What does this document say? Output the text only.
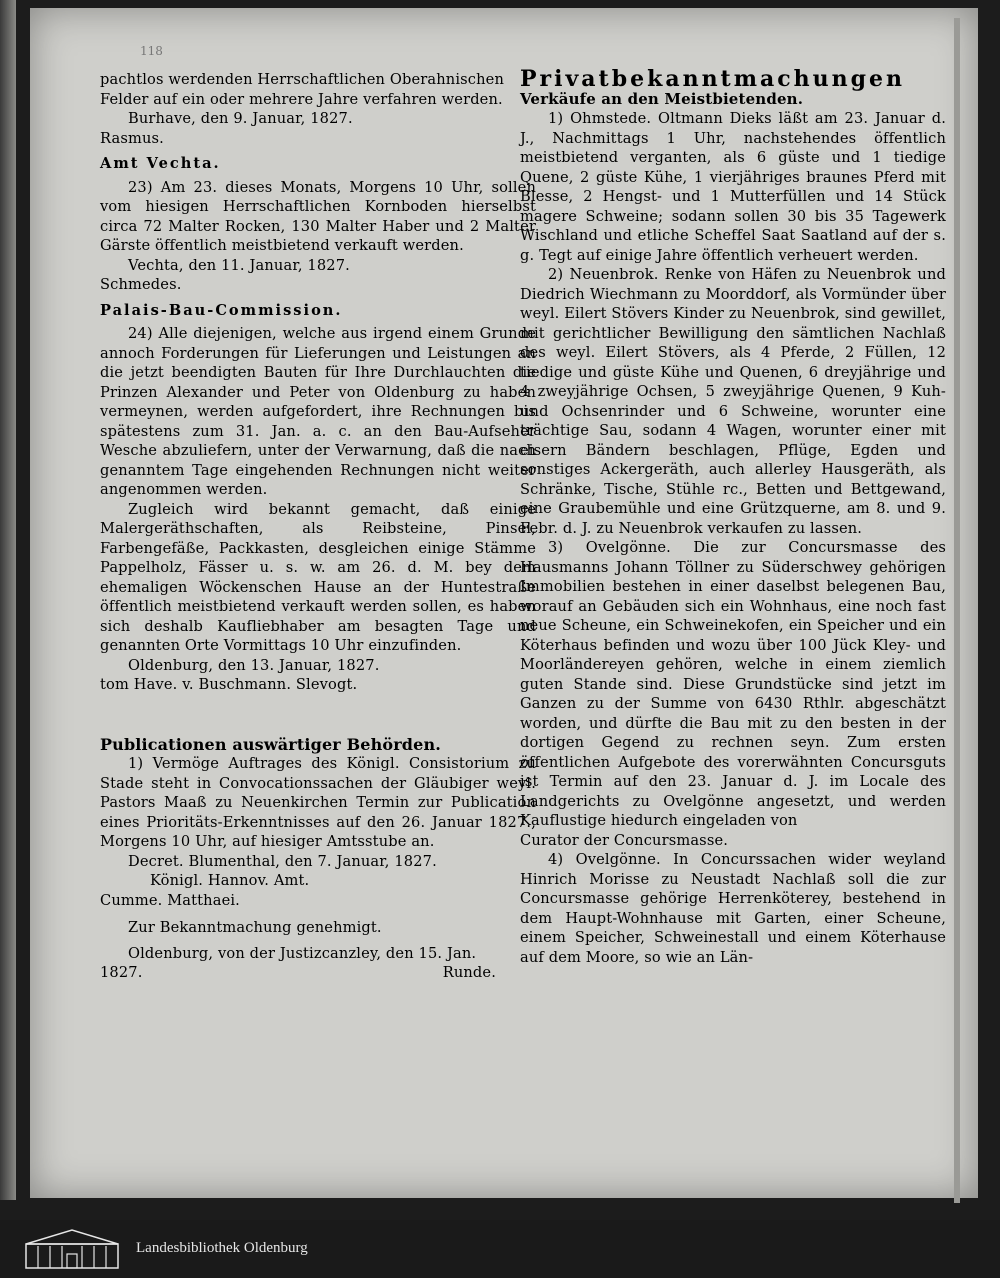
118

pachtlos werdenden Herrschaftlichen Oberahnischen

Felder auf ein oder mehrere Jahre verfahren werden.

Burhave, den 9. Januar, 1827.

Rasmus.

Amt Vechta.

23) Am 23. dieses Monats, Morgens 10 Uhr, sollen vom hiesigen Herrschaftlichen Kornboden hierselbst circa 72 Malter Rocken, 130 Malter Haber und 2 Malter Gärste öffentlich meistbietend verkauft werden.

Vechta, den 11. Januar, 1827.

Schmedes.

Palais-Bau-Commission.

24) Alle diejenigen, welche aus irgend einem Grunde annoch Forderungen für Lieferungen und Leistungen an die jetzt beendigten Bauten für Ihre Durchlauchten die Prinzen Alexander und Peter von Oldenburg zu haben vermeynen, werden aufgefordert, ihre Rechnungen bis spätestens zum 31. Jan. a. c. an den Bau-Aufseher Wesche abzuliefern, unter der Verwarnung, daß die nach genanntem Tage eingehenden Rechnungen nicht weiter angenommen werden.

Zugleich wird bekannt gemacht, daß einige Malergeräthschaften, als Reibsteine, Pinsel, Farbengefäße, Packkasten, desgleichen einige Stämme Pappelholz, Fässer u. s. w. am 26. d. M. bey dem ehemaligen Wöckenschen Hause an der Huntestraße öffentlich meistbietend verkauft werden sollen, es haben sich deshalb Kaufliebhaber am besagten Tage und genannten Orte Vormittags 10 Uhr einzufinden.

Oldenburg, den 13. Januar, 1827.

tom Have. v. Buschmann. Slevogt.

Publicationen auswärtiger Behörden.

1) Vermöge Auftrages des Königl. Consistorium zu Stade steht in Convocationssachen der Gläubiger weyl. Pastors Maaß zu Neuenkirchen Termin zur Publication eines Prioritäts-Erkenntnisses auf den 26. Januar 1827., Morgens 10 Uhr, auf hiesiger Amtsstube an.

Decret. Blumenthal, den 7. Januar, 1827.

Königl. Hannov. Amt.

Cumme. Matthaei.

Zur Bekanntmachung genehmigt.

Oldenburg, von der Justizcanzley, den 15. Jan.

1827.	Runde.

Privatbekanntmachungen

Verkäufe an den Meistbietenden.

1) Ohmstede. Oltmann Dieks läßt am 23. Januar d. J., Nachmittags 1 Uhr, nachstehendes öffentlich meistbietend verganten, als 6 güste und 1 tiedige Quene, 2 güste Kühe, 1 vierjähriges braunes Pferd mit Blesse, 2 Hengst- und 1 Mutterfüllen und 14 Stück magere Schweine; sodann sollen 30 bis 35 Tagewerk Wischland und etliche Scheffel Saat Saatland auf der s. g. Tegt auf einige Jahre öffentlich verheuert werden.

2) Neuenbrok. Renke von Häfen zu Neuenbrok und Diedrich Wiechmann zu Moorddorf, als Vormünder über weyl. Eilert Stövers Kinder zu Neuenbrok, sind gewillet, mit gerichtlicher Bewilligung den sämtlichen Nachlaß des weyl. Eilert Stövers, als 4 Pferde, 2 Füllen, 12 tiedige und güste Kühe und Quenen, 6 dreyjährige und 4 zweyjährige Ochsen, 5 zweyjährige Quenen, 9 Kuh- und Ochsenrinder und 6 Schweine, worunter eine trächtige Sau, sodann 4 Wagen, worunter einer mit eisern Bändern beschlagen, Pflüge, Egden und sonstiges Ackergeräth, auch allerley Hausgeräth, als Schränke, Tische, Stühle rc., Betten und Bettgewand, eine Graubemühle und eine Grützquerne, am 8. und 9. Febr. d. J. zu Neuenbrok verkaufen zu lassen.

3) Ovelgönne. Die zur Concursmasse des Hausmanns Johann Töllner zu Süderschwey gehörigen Immobilien bestehen in einer daselbst belegenen Bau, worauf an Gebäuden sich ein Wohnhaus, eine noch fast neue Scheune, ein Schweinekofen, ein Speicher und ein Köterhaus befinden und wozu über 100 Jück Kley- und Moorländereyen gehören, welche in einem ziemlich guten Stande sind. Diese Grundstücke sind jetzt im Ganzen zu der Summe von 6430 Rthlr. abgeschätzt worden, und dürfte die Bau mit zu den besten in der dortigen Gegend zu rechnen seyn. Zum ersten öffentlichen Aufgebote des vorerwähnten Concursguts ist Termin auf den 23. Januar d. J. im Locale des Landgerichts zu Ovelgönne angesetzt, und werden Kauflustige hiedurch eingeladen von

Curator der Concursmasse.

4) Ovelgönne. In Concurssachen wider weyland Hinrich Morisse zu Neustadt Nachlaß soll die zur Concursmasse gehörige Herrenköterey, bestehend in dem Haupt-Wohnhause mit Garten, einer Scheune, einem Speicher, Schweinestall und einem Köterhause auf dem Moore, so wie an Län-

Landesbibliothek Oldenburg
